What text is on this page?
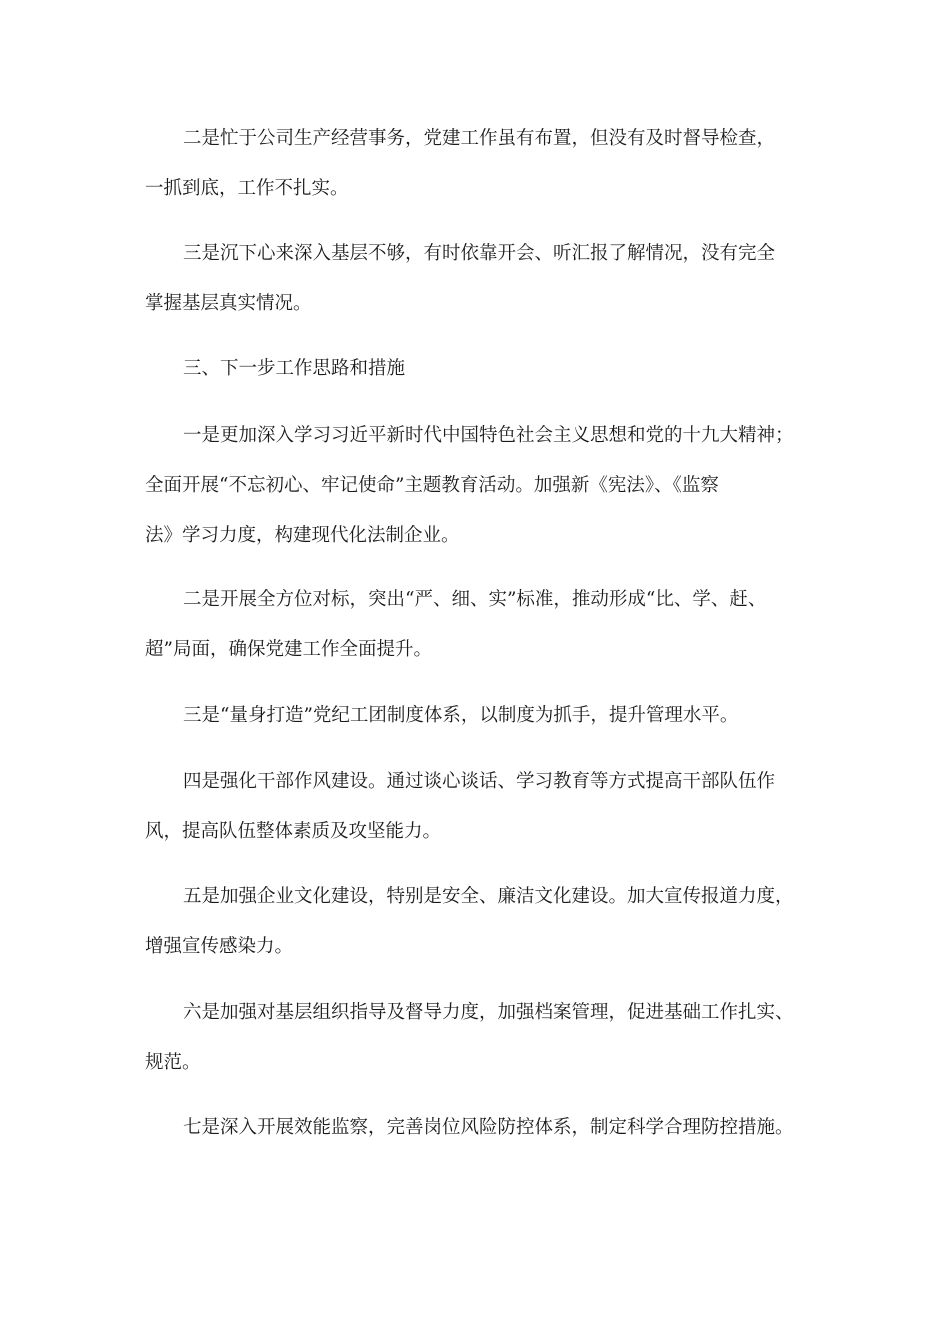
二是忙于公司生产经营事务，党建工作虽有布置，但没有及时督导检查，
一抓到底，工作不扎实。

三是沉下心来深入基层不够，有时依靠开会、听汇报了解情况，没有完全
掌握基层真实情况。

三、下一步工作思路和措施

一是更加深入学习习近平新时代中国特色社会主义思想和党的十九大精神；
全面开展“不忘初心、牢记使命”主题教育活动。加强新《宪法》、《监察
法》学习力度，构建现代化法制企业。

二是开展全方位对标，突出“严、细、实”标准，推动形成“比、学、赶、
超”局面，确保党建工作全面提升。

三是“量身打造”党纪工团制度体系，以制度为抓手，提升管理水平。

四是强化干部作风建设。通过谈心谈话、学习教育等方式提高干部队伍作
风，提高队伍整体素质及攻坚能力。

五是加强企业文化建设，特别是安全、廉洁文化建设。加大宣传报道力度，
增强宣传感染力。

六是加强对基层组织指导及督导力度，加强档案管理，促进基础工作扎实、
规范。

七是深入开展效能监察，完善岗位风险防控体系，制定科学合理防控措施。
